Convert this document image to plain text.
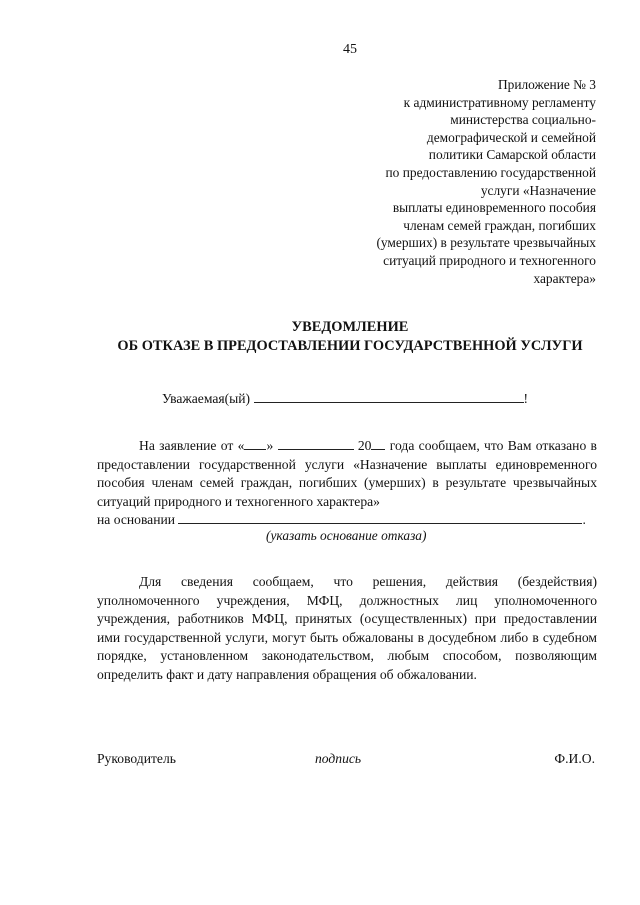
45
Приложение № 3
к административному регламенту
министерства социально-
демографической и семейной
политики Самарской области
по предоставлению государственной
услуги «Назначение
выплаты единовременного пособия
членам семей граждан, погибших
(умерших) в результате чрезвычайных
ситуаций природного и техногенного
характера»
УВЕДОМЛЕНИЕ
ОБ ОТКАЗЕ В ПРЕДОСТАВЛЕНИИ ГОСУДАРСТВЕННОЙ УСЛУГИ
Уважаемая(ый)	!
На заявление от « »	20 года сообщаем, что Вам отказано в предоставлении государственной услуги «Назначение выплаты единовременного пособия членам семей граждан, погибших (умерших) в результате чрезвычайных ситуаций природного и техногенного характера»
на основании	.
(указать основание отказа)
Для сведения сообщаем, что решения, действия (бездействия) уполномоченного учреждения, МФЦ, должностных лиц уполномоченного учреждения, работников МФЦ, принятых (осуществленных) при предоставлении ими государственной услуги, могут быть обжалованы в досудебном либо в судебном порядке, установленном законодательством, любым способом, позволяющим определить факт и дату направления обращения об обжаловании.
Руководитель	подпись	Ф.И.О.
